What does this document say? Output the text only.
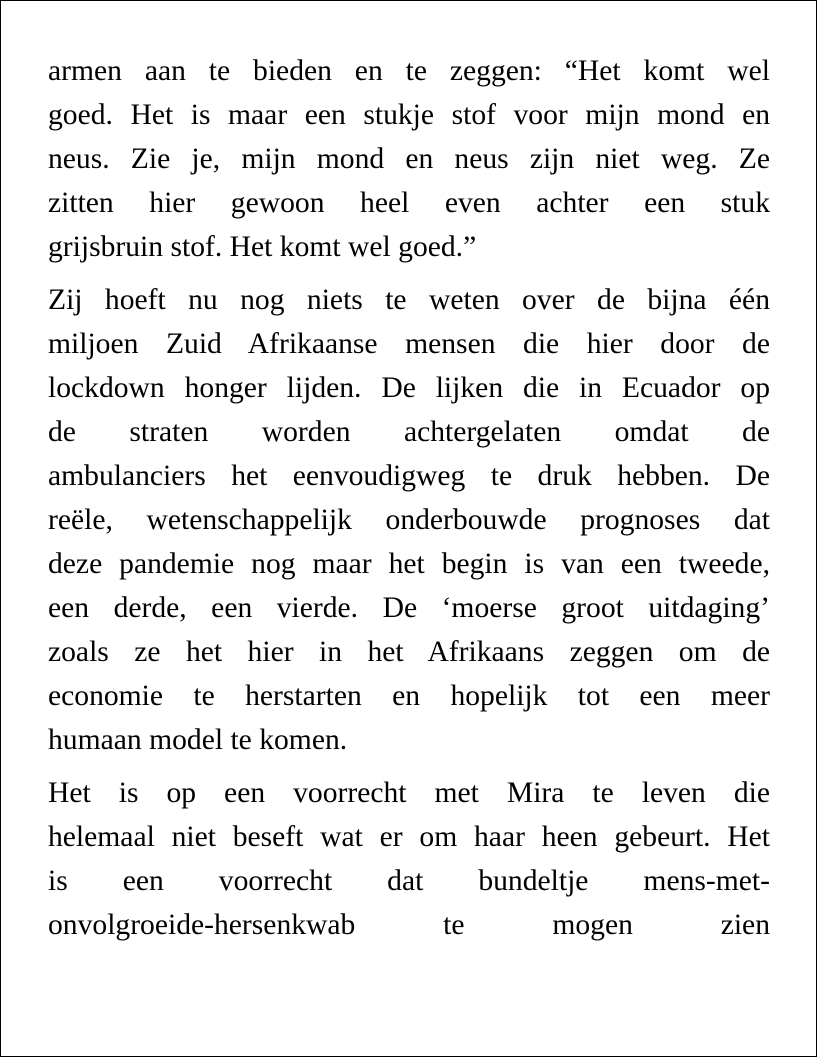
armen aan te bieden en te zeggen: “Het komt wel
goed. Het is maar een stukje stof voor mijn mond en
neus. Zie je, mijn mond en neus zijn niet weg. Ze
zitten hier gewoon heel even achter een stuk
grijsbruin stof. Het komt wel goed.”
Zij hoeft nu nog niets te weten over de bijna één
miljoen Zuid Afrikaanse mensen die hier door de
lockdown honger lijden. De lijken die in Ecuador op
de straten worden achtergelaten omdat de
ambulanciers het eenvoudigweg te druk hebben. De
reële, wetenschappelijk onderbouwde prognoses dat
deze pandemie nog maar het begin is van een tweede,
een derde, een vierde. De ‘moerse groot uitdaging’
zoals ze het hier in het Afrikaans zeggen om de
economie te herstarten en hopelijk tot een meer
humaan model te komen.
Het is op een voorrecht met Mira te leven die
helemaal niet beseft wat er om haar heen gebeurt. Het
is een voorrecht dat bundeltje mens-met-
onvolgroeide-hersenkwab te mogen zien
